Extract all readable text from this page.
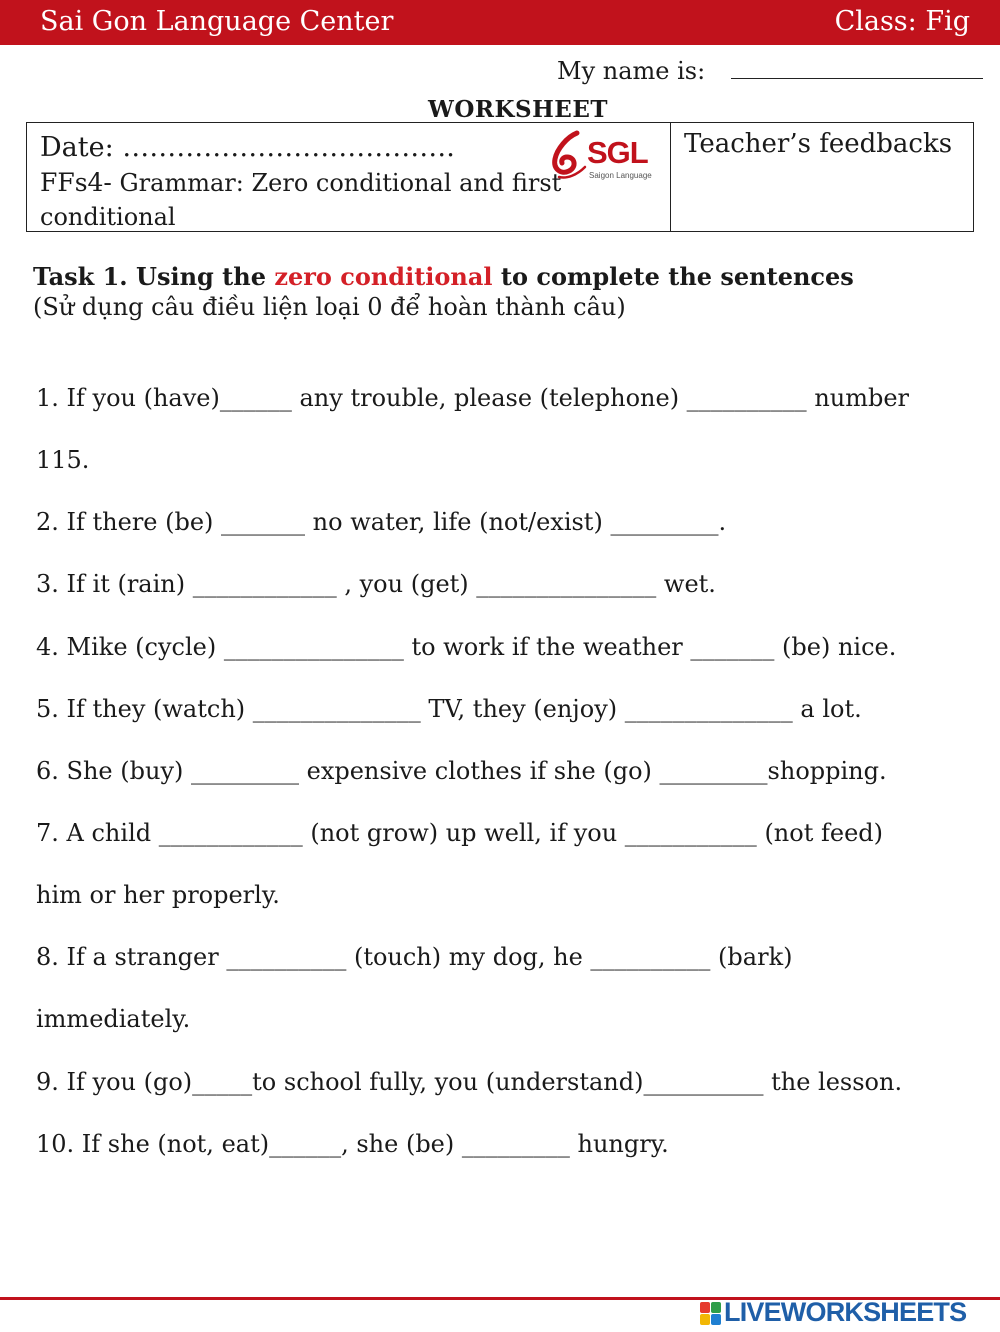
Sai Gon Language Center	Class: Fig
My name is:
WORKSHEET
Date: ……………………………….
FFs4- Grammar: Zero conditional and first
conditional
SGL
Saigon Language
Teacher’s feedbacks
Task 1. Using the zero conditional to complete the sentences
(Sử dụng câu điều liện loại 0 để hoàn thành câu)
1. If you (have)______ any trouble, please (telephone) __________ number
115.
2. If there (be) _______ no water, life (not/exist) _________.
3. If it (rain) ____________ , you (get) _______________ wet.
4. Mike (cycle) _______________ to work if the weather _______ (be) nice.
5. If they (watch) ______________ TV, they (enjoy) ______________ a lot.
6. She (buy) _________ expensive clothes if she (go) _________shopping.
7. A child ____________ (not grow) up well, if you ___________ (not feed)
him or her properly.
8. If a stranger __________ (touch) my dog, he __________ (bark)
immediately.
9. If you (go)_____to school fully, you (understand)__________ the lesson.
10. If she (not, eat)______, she (be) _________ hungry.
LIVEWORKSHEETS
